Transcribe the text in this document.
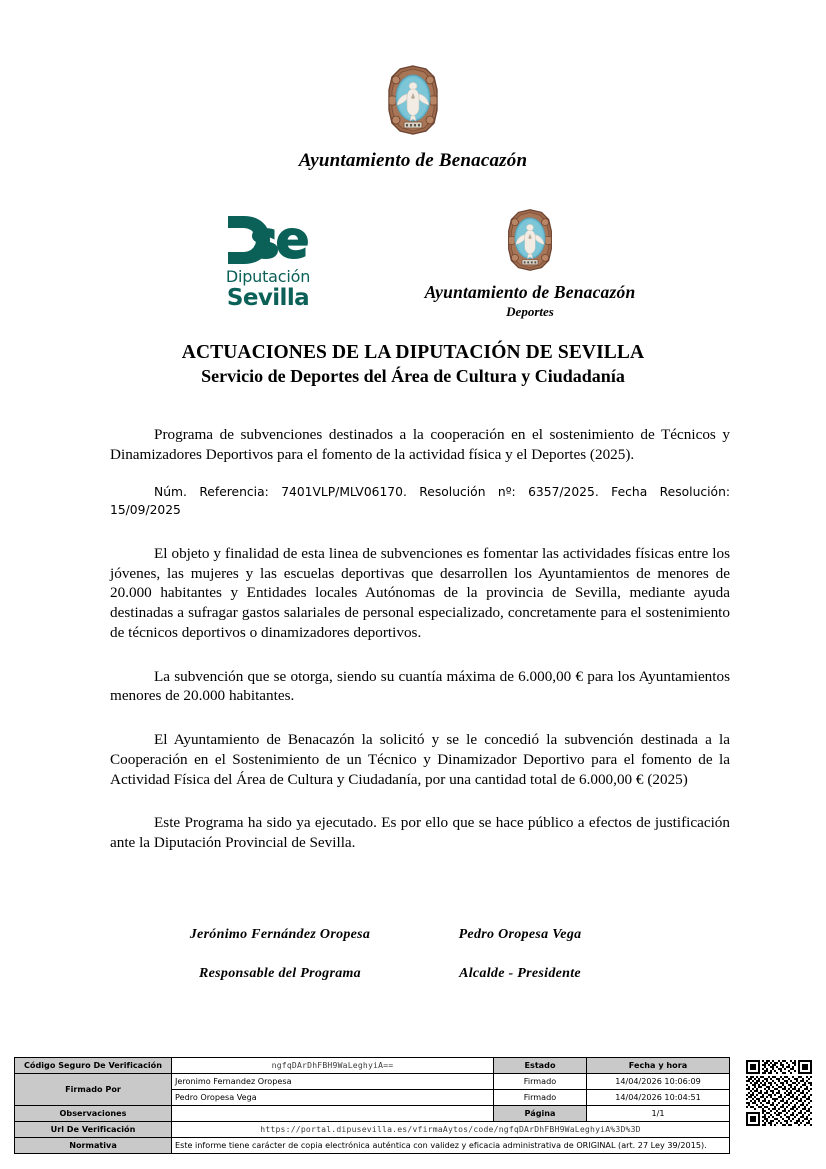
Ayuntamiento de Benacazón
Diputación
Sevilla	Ayuntamiento de Benacazón
Deportes
ACTUACIONES DE LA DIPUTACIÓN DE SEVILLA
Servicio de Deportes del Área de Cultura y Ciudadanía

Programa de subvenciones destinados a la cooperación en el sostenimiento de Técnicos y Dinamizadores Deportivos para el fomento de la actividad física y el Deportes (2025).

Núm. Referencia: 7401VLP/MLV06170. Resolución nº: 6357/2025. Fecha Resolución: 15/09/2025

El objeto y finalidad de esta linea de subvenciones es fomentar las actividades físicas entre los jóvenes, las mujeres y las escuelas deportivas que desarrollen los Ayuntamientos de menores de 20.000 habitantes y Entidades locales Autónomas de la provincia de Sevilla, mediante ayuda destinadas a sufragar gastos salariales de personal especializado, concretamente para el sostenimiento de técnicos deportivos o dinamizadores deportivos.

La subvención que se otorga, siendo su cuantía máxima de 6.000,00 € para los Ayuntamientos menores de 20.000 habitantes.

El Ayuntamiento de Benacazón la solicitó y se le concedió la subvención destinada a la Cooperación en el Sostenimiento de un Técnico y Dinamizador Deportivo para el fomento de la Actividad Física del Área de Cultura y Ciudadanía, por una cantidad total de 6.000,00 € (2025)

Este Programa ha sido ya ejecutado. Es por ello que se hace público a efectos de justificación ante la Diputación Provincial de Sevilla.

Jerónimo Fernández Oropesa
Responsable del Programa
Pedro Oropesa Vega
Alcalde - Presidente
Código Seguro De Verificación	ngfqDArDhFBH9WaLeghyiA==	Estado	Fecha y hora
Firmado Por	Jeronimo Fernandez Oropesa	Firmado	14/04/2026 10:06:09
	Pedro Oropesa Vega	Firmado	14/04/2026 10:04:51
Observaciones		Página	1/1
Url De Verificación	https://portal.dipusevilla.es/vfirmaAytos/code/ngfqDArDhFBH9WaLeghyiA%3D%3D		
Normativa	Este informe tiene carácter de copia electrónica auténtica con validez y eficacia administrativa de ORIGINAL (art. 27 Ley 39/2015).		
